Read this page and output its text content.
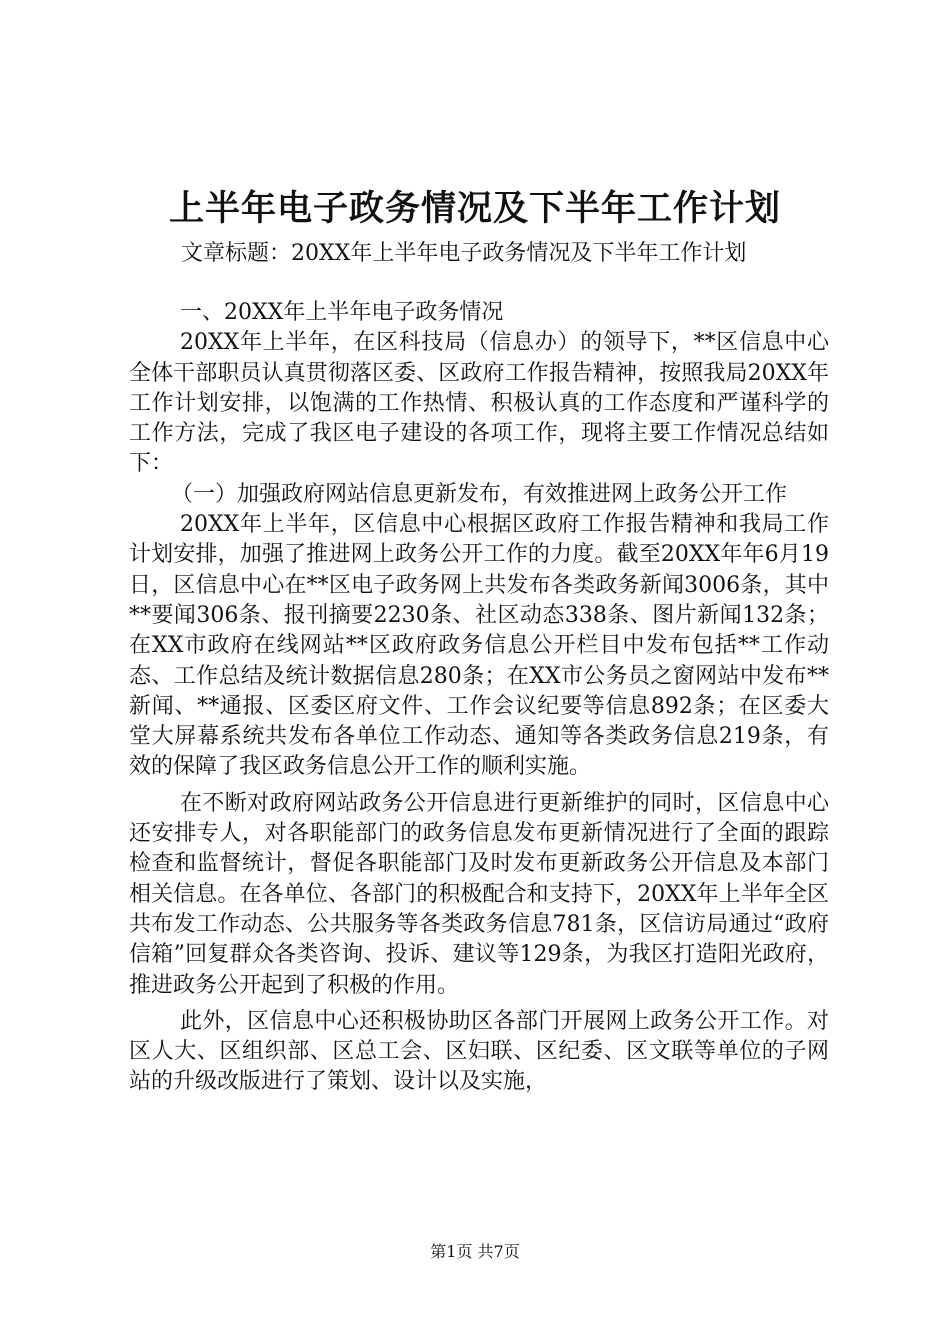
上半年电子政务情况及下半年工作计划
文章标题：20XX年上半年电子政务情况及下半年工作计划

一、20XX年上半年电子政务情况

20XX年上半年，在区科技局（信息办）的领导下，**区信息中心全体干部职员认真贯彻落区委、区政府工作报告精神，按照我局20XX年工作计划安排，以饱满的工作热情、积极认真的工作态度和严谨科学的工作方法，完成了我区电子建设的各项工作，现将主要工作情况总结如下：

（一）加强政府网站信息更新发布，有效推进网上政务公开工作

20XX年上半年，区信息中心根据区政府工作报告精神和我局工作计划安排，加强了推进网上政务公开工作的力度。截至20XX年年6月19日，区信息中心在**区电子政务网上共发布各类政务新闻3006条，其中**要闻306条、报刊摘要2230条、社区动态338条、图片新闻132条；在XX市政府在线网站**区政府政务信息公开栏目中发布包括**工作动态、工作总结及统计数据信息280条；在XX市公务员之窗网站中发布**新闻、**通报、区委区府文件、工作会议纪要等信息892条；在区委大堂大屏幕系统共发布各单位工作动态、通知等各类政务信息219条，有效的保障了我区政务信息公开工作的顺利实施。

在不断对政府网站政务公开信息进行更新维护的同时，区信息中心还安排专人，对各职能部门的政务信息发布更新情况进行了全面的跟踪检查和监督统计，督促各职能部门及时发布更新政务公开信息及本部门相关信息。在各单位、各部门的积极配合和支持下，20XX年上半年全区共布发工作动态、公共服务等各类政务信息781条，区信访局通过“政府信箱”回复群众各类咨询、投诉、建议等129条，为我区打造阳光政府，推进政务公开起到了积极的作用。

此外，区信息中心还积极协助区各部门开展网上政务公开工作。对区人大、区组织部、区总工会、区妇联、区纪委、区文联等单位的子网站的升级改版进行了策划、设计以及实施，

第1页 共7页
